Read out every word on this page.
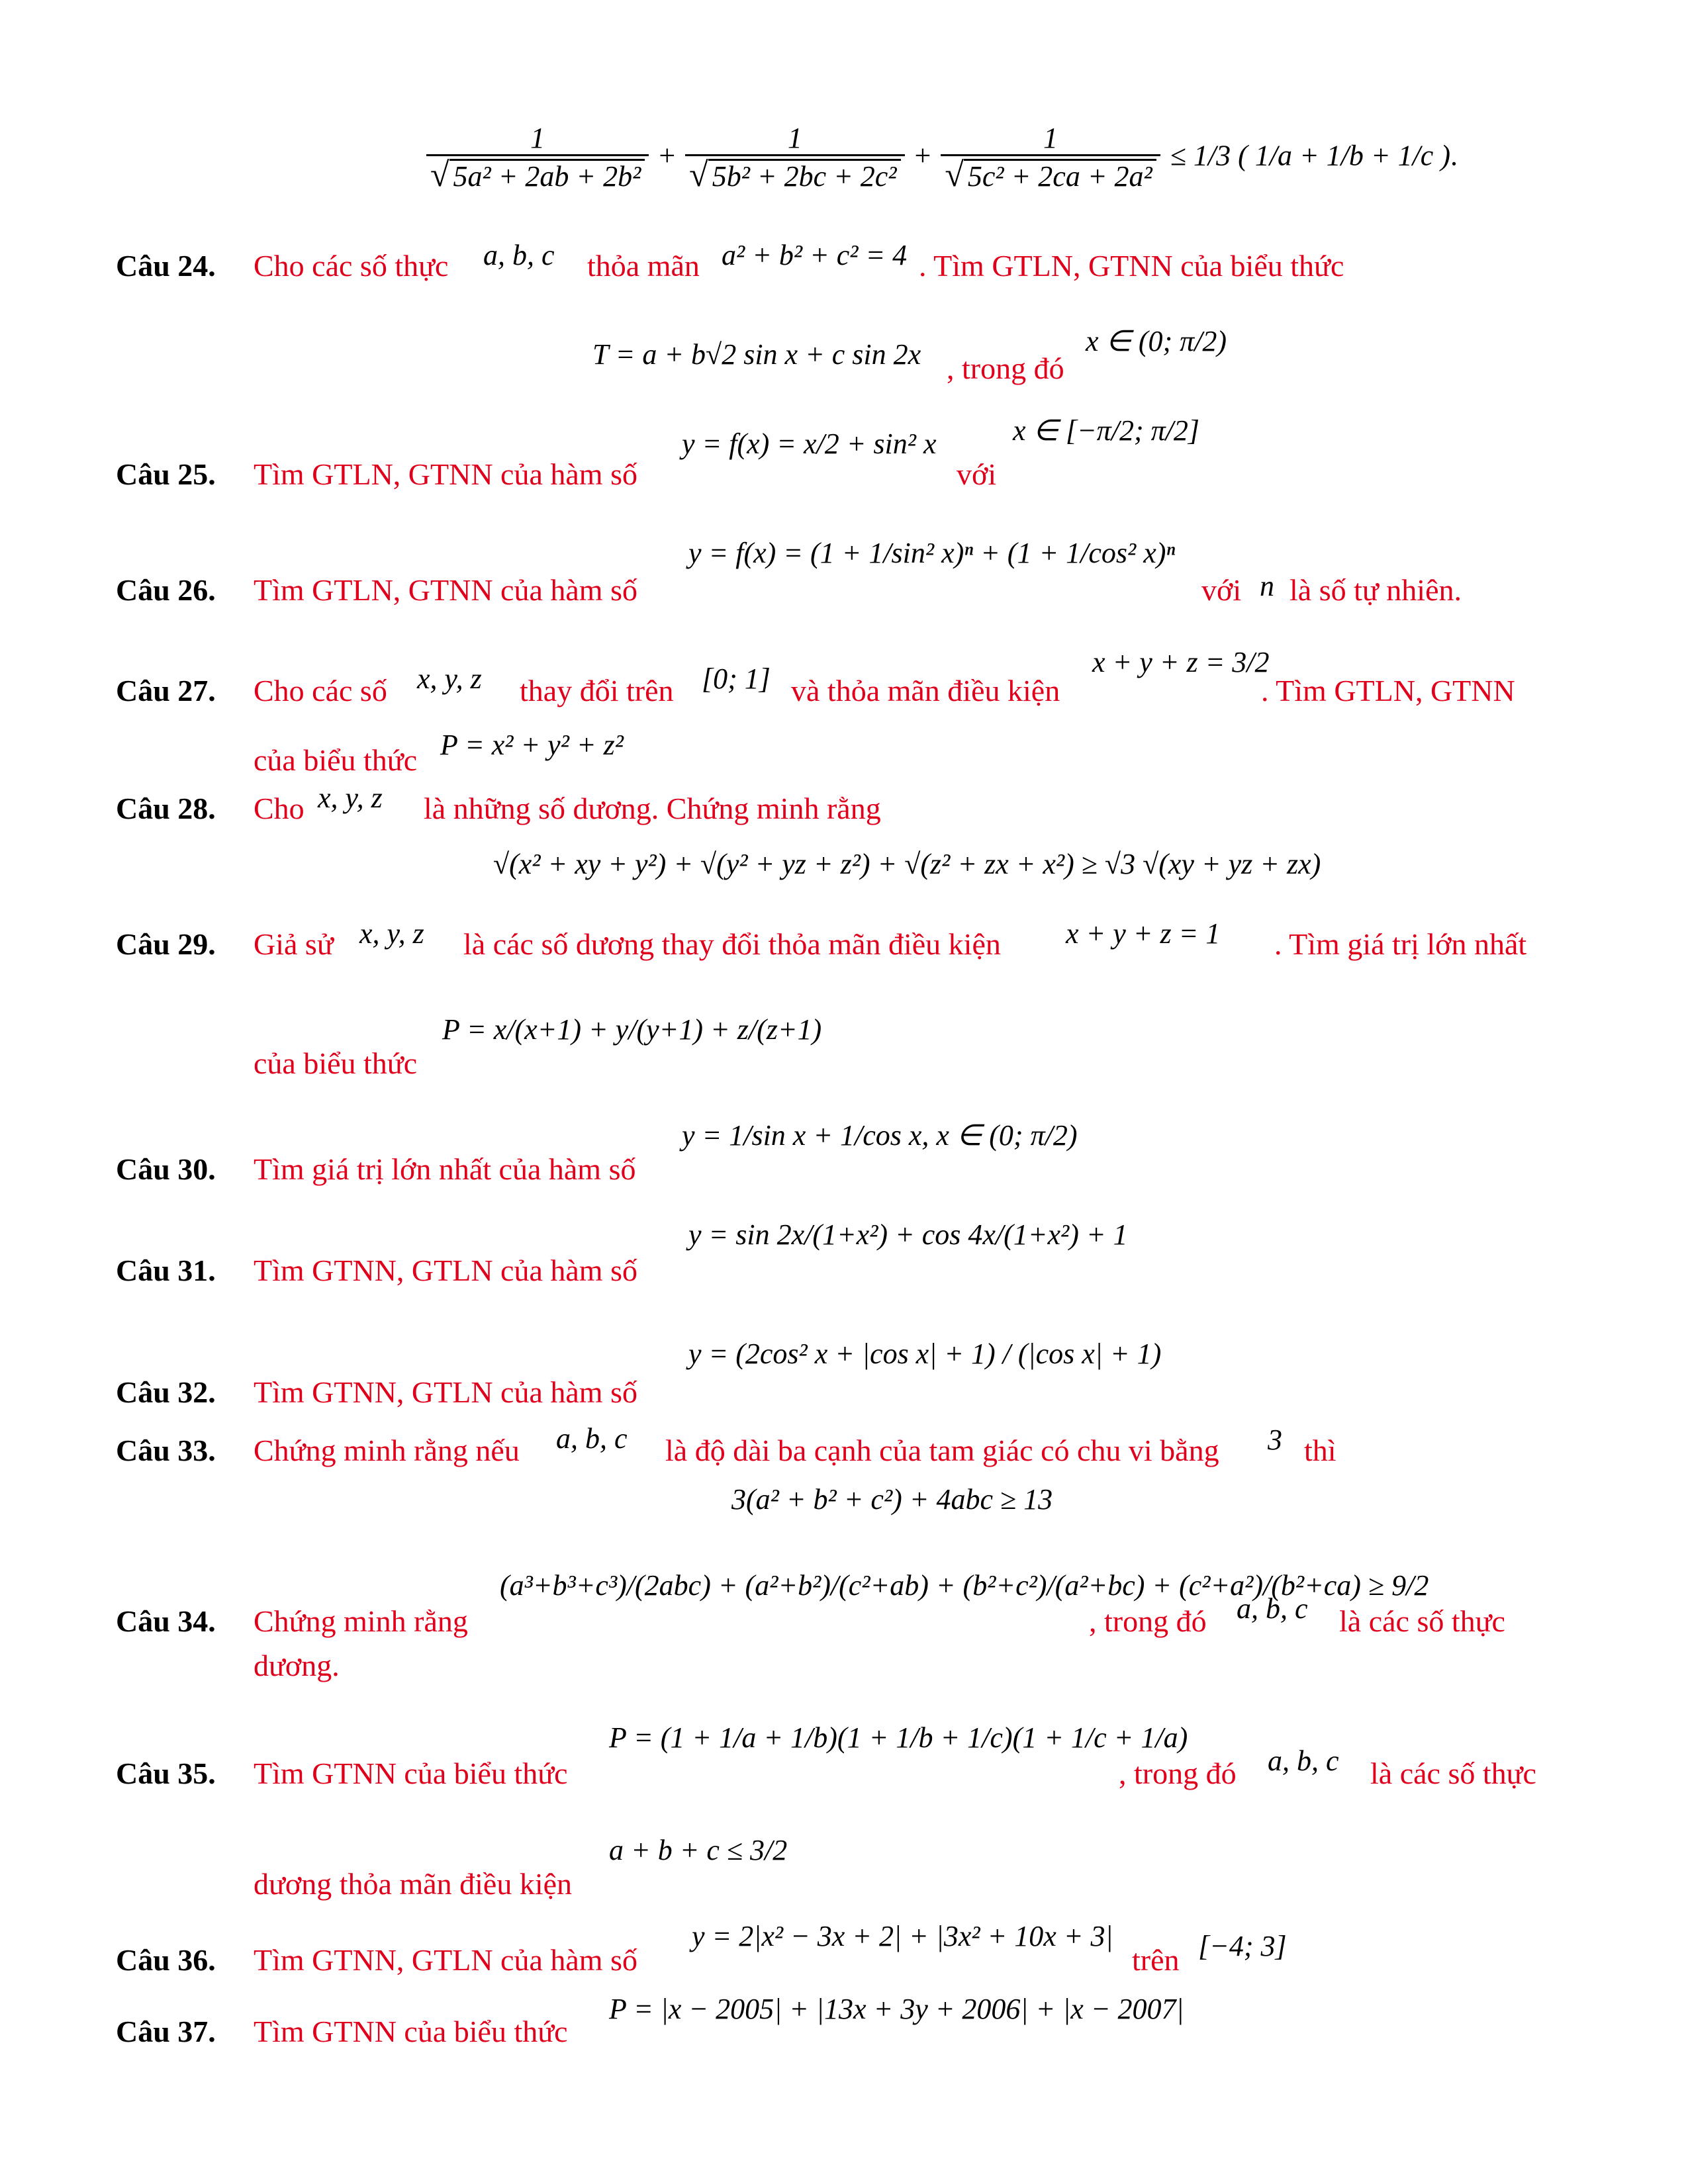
$\frac{1}{\text{√ 5a² + 2ab + 2b²}} + \frac{1}{\text{√ 5b² + 2bc + 2c²}} + \frac{1}{\text{√ 5c² + 2ca + 2a²}} \le 1/3$ ( 1/a + 1/b + 1/c ).
Câu 24. Cho các số thực a, b, c thỏa mãn a² + b² + c² = 4 . Tìm GTLN, GTNN của biểu thức
T = a + b√2 sin x + c sin 2x , trong đó
x ∈ (0; π/2)
Câu 25. Tìm GTLN, GTNN của hàm số
y = f(x) = x/2 + sin² x
với
x ∈ [−π/2; π/2]
Câu 26. Tìm GTLN, GTNN của hàm số
y = f(x) = (1 + 1/sin² x)ⁿ + (1 + 1/cos² x)ⁿ
với n là số tự nhiên.
Câu 27. Cho các số x, y, z thay đổi trên [0; 1] và thỏa mãn điều kiện
x + y + z = 3/2
. Tìm GTLN, GTNN
của biểu thức P = x² + y² + z²
Câu 28. Cho x, y, z là những số dương. Chứng minh rằng
√(x² + xy + y²) + √(y² + yz + z²) + √(z² + zx + x²) ≥ √3 √(xy + yz + zx)
Câu 29. Giả sử x, y, z là các số dương thay đổi thỏa mãn điều kiện x + y + z = 1 . Tìm giá trị lớn nhất
của biểu thức
P = x/(x+1) + y/(y+1) + z/(z+1)
Câu 30. Tìm giá trị lớn nhất của hàm số
y = 1/sin x + 1/cos x, x ∈ (0; π/2)
Câu 31. Tìm GTNN, GTLN của hàm số
y = sin 2x/(1+x²) + cos 4x/(1+x²) + 1
Câu 32. Tìm GTNN, GTLN của hàm số
y = (2cos² x + |cos x| + 1) / (|cos x| + 1)
Câu 33. Chứng minh rằng nếu a, b, c là độ dài ba cạnh của tam giác có chu vi bằng 3 thì
3(a² + b² + c²) + 4abc ≥ 13
Câu 34. Chứng minh rằng
(a³+b³+c³)/(2abc) + (a²+b²)/(c²+ab) + (b²+c²)/(a²+bc) + (c²+a²)/(b²+ca) ≥ 9/2
, trong đó a, b, c là các số thực
dương.
Câu 35. Tìm GTNN của biểu thức
P = (1 + 1/a + 1/b)(1 + 1/b + 1/c)(1 + 1/c + 1/a)
, trong đó a, b, c là các số thực
dương thỏa mãn điều kiện
a + b + c ≤ 3/2
Câu 36. Tìm GTNN, GTLN của hàm số
y = 2|x² − 3x + 2| + |3x² + 10x + 3|
trên [−4; 3]
Câu 37. Tìm GTNN của biểu thức
P = |x − 2005| + |13x + 3y + 2006| + |x − 2007|
